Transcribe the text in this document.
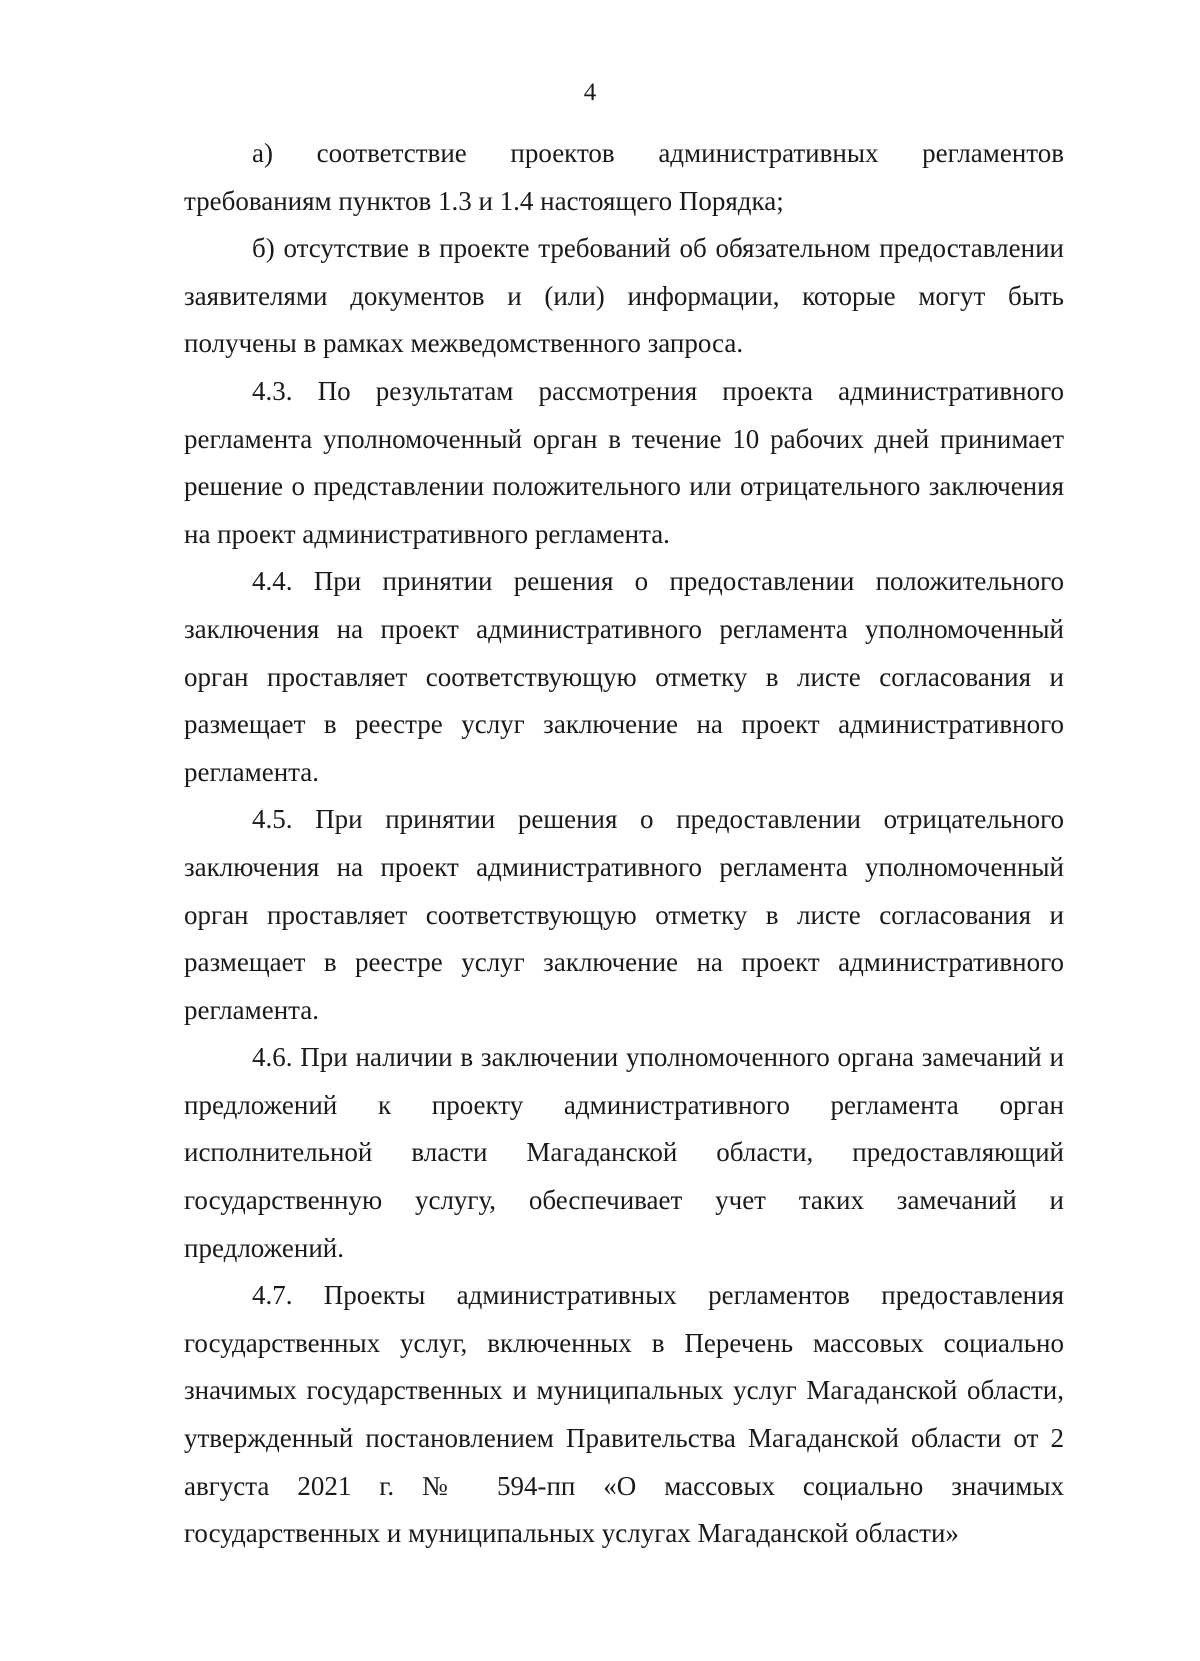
4

а) соответствие проектов административных регламентов требованиям пунктов 1.3 и 1.4 настоящего Порядка;

б) отсутствие в проекте требований об обязательном предоставлении заявителями документов и (или) информации, которые могут быть получены в рамках межведомственного запроса.

4.3. По результатам рассмотрения проекта административного регламента уполномоченный орган в течение 10 рабочих дней принимает решение о представлении положительного или отрицательного заключения на проект административного регламента.

4.4. При принятии решения о предоставлении положительного заключения на проект административного регламента уполномоченный орган проставляет соответствующую отметку в листе согласования и размещает в реестре услуг заключение на проект административного регламента.

4.5. При принятии решения о предоставлении отрицательного заключения на проект административного регламента уполномоченный орган проставляет соответствующую отметку в листе согласования и размещает в реестре услуг заключение на проект административного регламента.

4.6. При наличии в заключении уполномоченного органа замечаний и предложений к проекту административного регламента орган исполнительной власти Магаданской области, предоставляющий государственную услугу, обеспечивает учет таких замечаний и предложений.

4.7. Проекты административных регламентов предоставления государственных услуг, включенных в Перечень массовых социально значимых государственных и муниципальных услуг Магаданской области, утвержденный постановлением Правительства Магаданской области от 2 августа 2021 г. № 594-пп «О массовых социально значимых государственных и муниципальных услугах Магаданской области»
